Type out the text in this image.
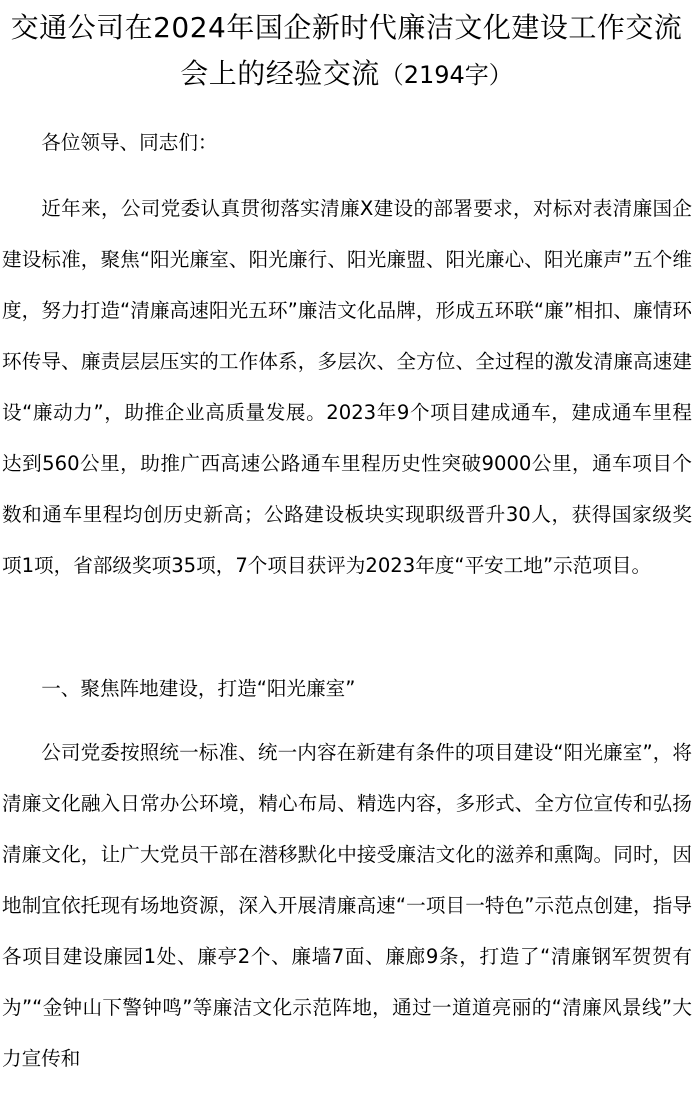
交通公司在2024年国企新时代廉洁文化建设工作交流会上的经验交流（2194字）

各位领导、同志们：

近年来，公司党委认真贯彻落实清廉X建设的部署要求，对标对表清廉国企建设标准，聚焦“阳光廉室、阳光廉行、阳光廉盟、阳光廉心、阳光廉声”五个维度，努力打造“清廉高速阳光五环”廉洁文化品牌，形成五环联“廉”相扣、廉情环环传导、廉责层层压实的工作体系，多层次、全方位、全过程的激发清廉高速建设“廉动力”，助推企业高质量发展。2023年9个项目建成通车，建成通车里程达到560公里，助推广西高速公路通车里程历史性突破9000公里，通车项目个数和通车里程均创历史新高；公路建设板块实现职级晋升30人，获得国家级奖项1项，省部级奖项35项，7个项目获评为2023年度“平安工地”示范项目。

一、聚焦阵地建设，打造“阳光廉室”

公司党委按照统一标准、统一内容在新建有条件的项目建设“阳光廉室”，将清廉文化融入日常办公环境，精心布局、精选内容，多形式、全方位宣传和弘扬清廉文化，让广大党员干部在潜移默化中接受廉洁文化的滋养和熏陶。同时，因地制宜依托现有场地资源，深入开展清廉高速“一项目一特色”示范点创建，指导各项目建设廉园1处、廉亭2个、廉墙7面、廉廊9条，打造了“清廉钢军贺贺有为”“金钟山下警钟鸣”等廉洁文化示范阵地，通过一道道亮丽的“清廉风景线”大力宣传和
